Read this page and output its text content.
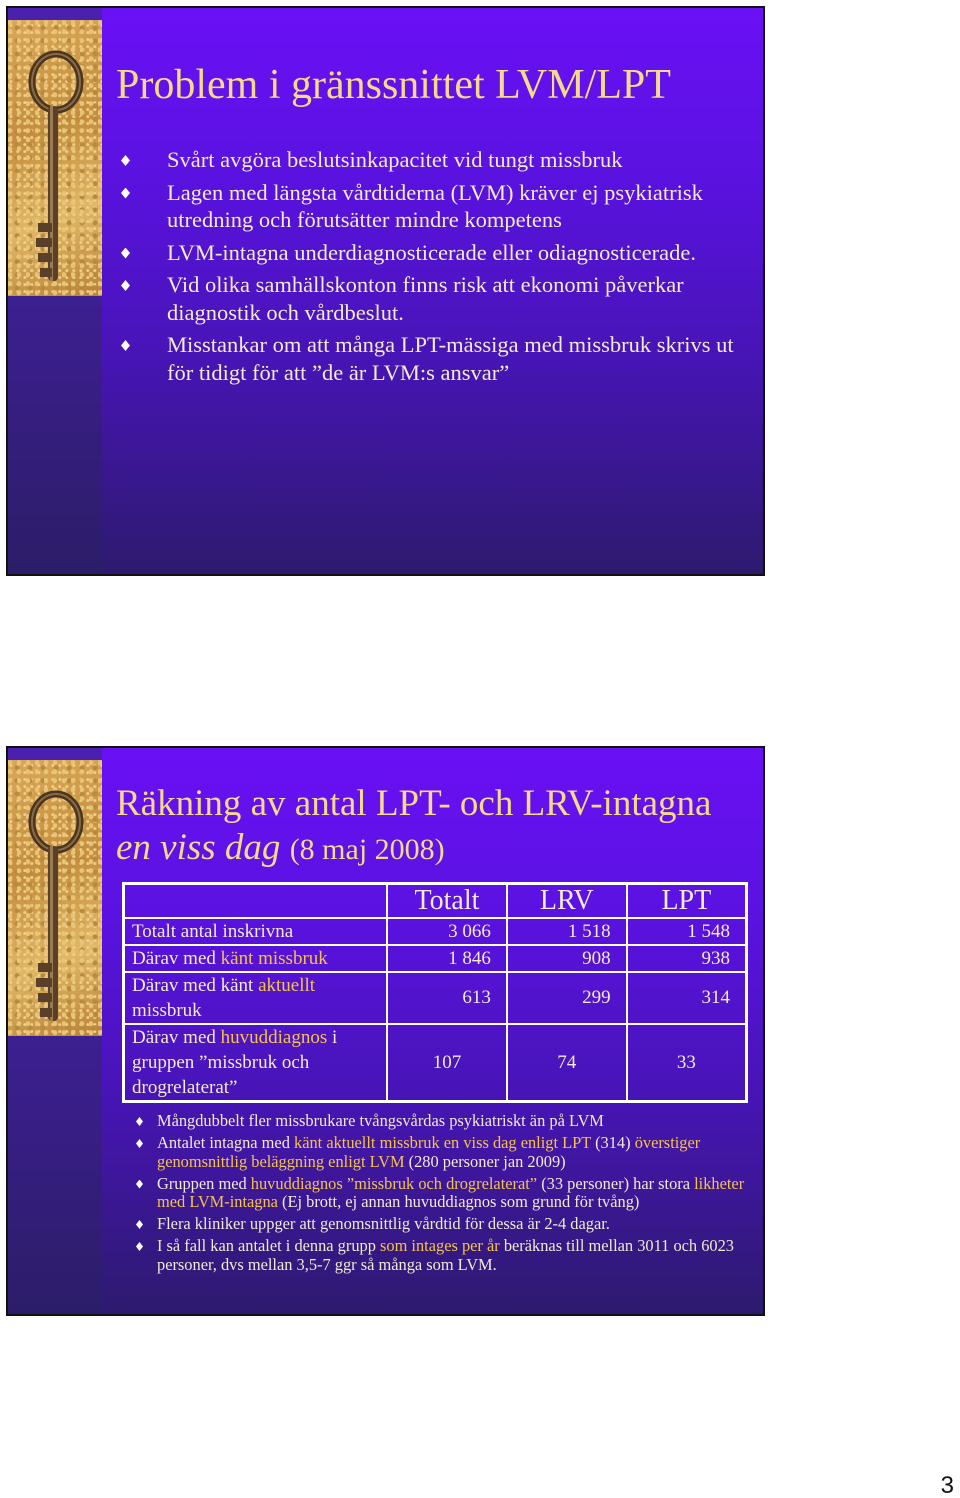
Problem i gränssnittet LVM/LPT
Svårt avgöra beslutsinkapacitet vid tungt missbruk
Lagen med längsta vårdtiderna (LVM) kräver ej psykiatrisk utredning och förutsätter mindre kompetens
LVM-intagna underdiagnosticerade eller odiagnosticerade.
Vid olika samhällskonton finns risk att ekonomi påverkar diagnostik och vårdbeslut.
Misstankar om att många LPT-mässiga med missbruk skrivs ut för tidigt för att ”de är LVM:s ansvar”
Räkning av antal LPT- och LRV-intagna
en viss dag (8 maj 2008)
	Totalt	LRV	LPT
Totalt antal inskrivna	3 066	1 518	1 548
Därav med känt missbruk	1 846	908	938
Därav med känt aktuellt missbruk	613	299	314
Därav med huvuddiagnos i gruppen ”missbruk och drogrelaterat”	107	74	33
Mångdubbelt fler missbrukare tvångsvårdas psykiatriskt än på LVM
Antalet intagna med känt aktuellt missbruk en viss dag enligt LPT (314) överstiger genomsnittlig beläggning enligt LVM (280 personer jan 2009)
Gruppen med huvuddiagnos ”missbruk och drogrelaterat” (33 personer) har stora likheter med LVM-intagna (Ej brott, ej annan huvuddiagnos som grund för tvång)
Flera kliniker uppger att genomsnittlig vårdtid för dessa är 2-4 dagar.
I så fall kan antalet i denna grupp som intages per år beräknas till mellan 3011 och 6023 personer, dvs mellan 3,5-7 ggr så många som LVM.
3
